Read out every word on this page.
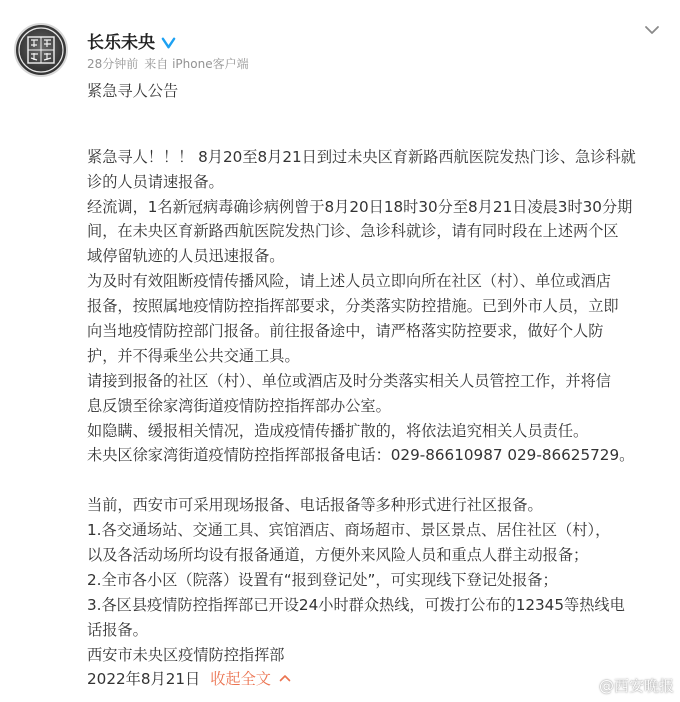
长乐未央
28分钟前 来自 iPhone客户端
紧急寻人公告
紧急寻人！！！ 8月20至8月21日到过未央区育新路西航医院发热门诊、急诊科就
诊的人员请速报备。
经流调，1名新冠病毒确诊病例曾于8月20日18时30分至8月21日凌晨3时30分期
间，在未央区育新路西航医院发热门诊、急诊科就诊，请有同时段在上述两个区
域停留轨迹的人员迅速报备。
为及时有效阻断疫情传播风险，请上述人员立即向所在社区（村）、单位或酒店
报备，按照属地疫情防控指挥部要求，分类落实防控措施。已到外市人员，立即
向当地疫情防控部门报备。前往报备途中，请严格落实防控要求，做好个人防
护，并不得乘坐公共交通工具。
请接到报备的社区（村）、单位或酒店及时分类落实相关人员管控工作，并将信
息反馈至徐家湾街道疫情防控指挥部办公室。
如隐瞒、缓报相关情况，造成疫情传播扩散的，将依法追究相关人员责任。
未央区徐家湾街道疫情防控指挥部报备电话：029-86610987 029-86625729。
当前，西安市可采用现场报备、电话报备等多种形式进行社区报备。
1.各交通场站、交通工具、宾馆酒店、商场超市、景区景点、居住社区（村），
以及各活动场所均设有报备通道，方便外来风险人员和重点人群主动报备；
2.全市各小区（院落）设置有“报到登记处”，可实现线下登记处报备；
3.各区县疫情防控指挥部已开设24小时群众热线，可拨打公布的12345等热线电
话报备。
西安市未央区疫情防控指挥部
2022年8月21日 收起全文	@西安晚报
